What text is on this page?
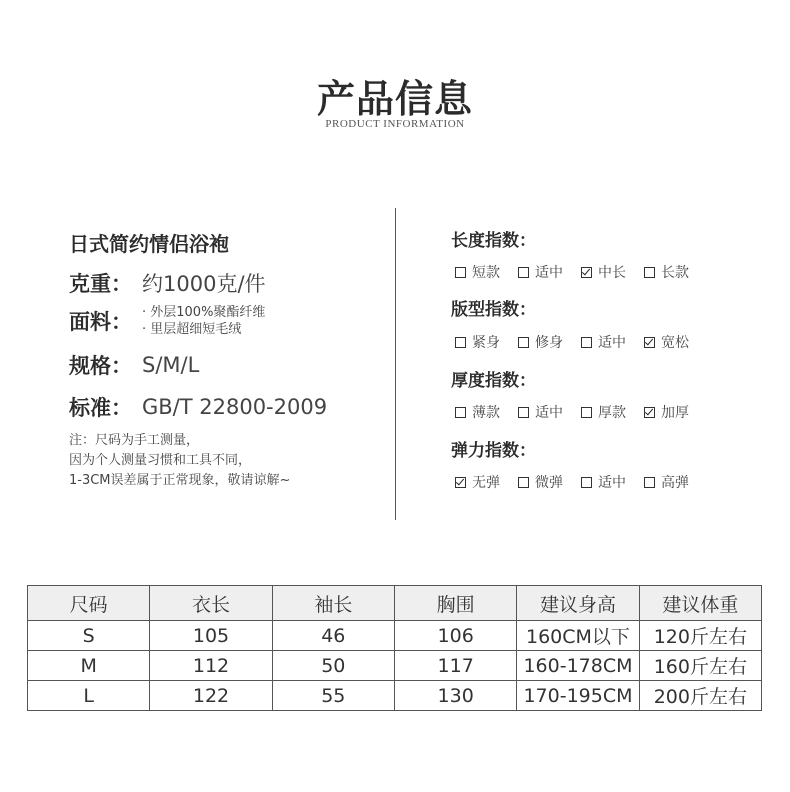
产品信息
PRODUCT INFORMATION
日式简约情侣浴袍
克重： 约1000克/件
面料： · 外层100%聚酯纤维
· 里层超细短毛绒
规格： S/M/L
标准： GB/T 22800-2009
注：尺码为手工测量，
因为个人测量习惯和工具不同，
1-3CM误差属于正常现象，敬请谅解~
长度指数：
短款	适中	中长	长款
版型指数：
紧身	修身	适中	宽松
厚度指数：
薄款	适中	厚款	加厚
弹力指数：
无弹	微弹	适中	高弹
尺码	衣长	袖长	胸围	建议身高	建议体重
S	105	46	106	160CM以下	120斤左右
M	112	50	117	160-178CM	160斤左右
L	122	55	130	170-195CM	200斤左右
